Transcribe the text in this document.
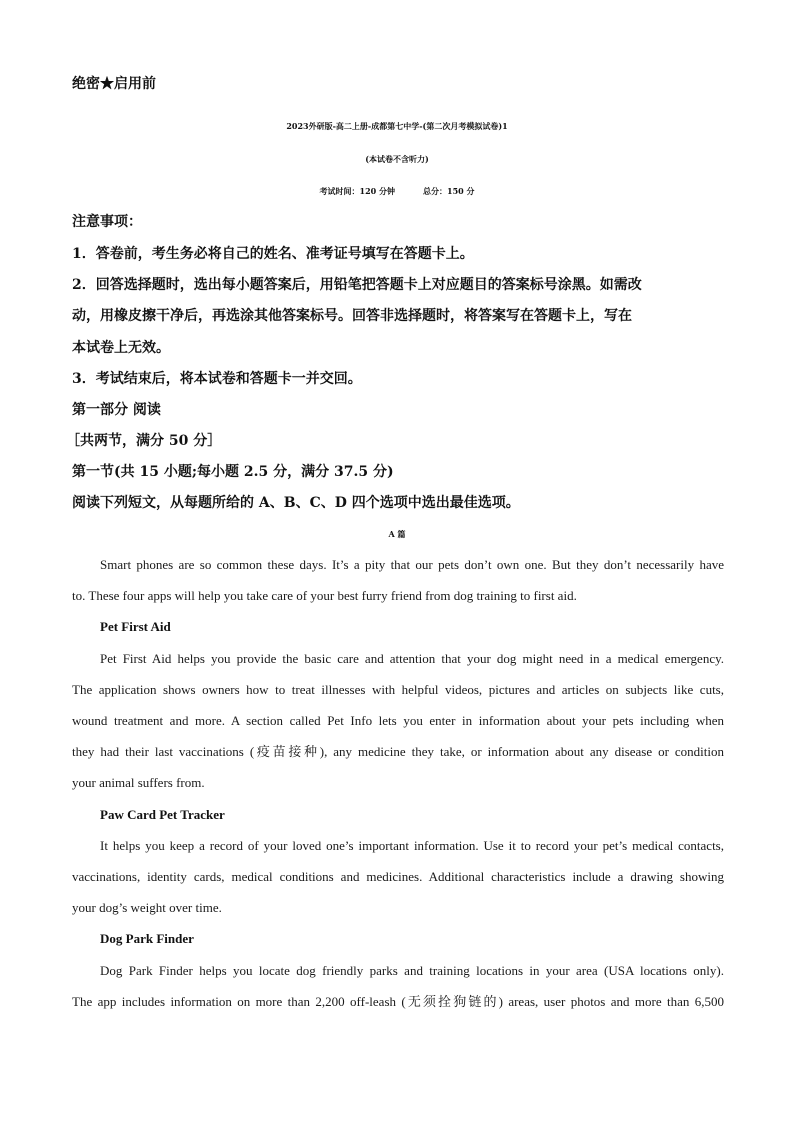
绝密★启用前
2023外研版-高二上册-成都第七中学-(第二次月考模拟试卷)1
(本试卷不含听力)
考试时间：120 分钟	总分：150 分
注意事项：
1．答卷前，考生务必将自己的姓名、准考证号填写在答题卡上。
2．回答选择题时，选出每小题答案后，用铅笔把答题卡上对应题目的答案标号涂黑。如需改
动，用橡皮擦干净后，再选涂其他答案标号。回答非选择题时，将答案写在答题卡上，写在
本试卷上无效。
3．考试结束后，将本试卷和答题卡一并交回。
第一部分 阅读
［共两节，满分 50 分］
第一节(共 15 小题;每小题 2.5 分，满分 37.5 分)
阅读下列短文，从每题所给的 A、B、C、D 四个选项中选出最佳选项。
A 篇
Smart phones are so common these days. It’s a pity that our pets don’t own one. But they don’t necessarily have
to. These four apps will help you take care of your best furry friend from dog training to first aid.
Pet First Aid
Pet First Aid helps you provide the basic care and attention that your dog might need in a medical emergency.
The application shows owners how to treat illnesses with helpful videos, pictures and articles on subjects like cuts,
wound treatment and more. A section called Pet Info lets you enter in information about your pets including when
they had their last vaccinations (疫苗接种), any medicine they take, or information about any disease or condition
your animal suffers from.
Paw Card Pet Tracker
It helps you keep a record of your loved one’s important information. Use it to record your pet’s medical contacts,
vaccinations, identity cards, medical conditions and medicines. Additional characteristics include a drawing showing
your dog’s weight over time.
Dog Park Finder
Dog Park Finder helps you locate dog friendly parks and training locations in your area (USA locations only).
The app includes information on more than 2,200 off-leash (无须拴狗链的) areas, user photos and more than 6,500
